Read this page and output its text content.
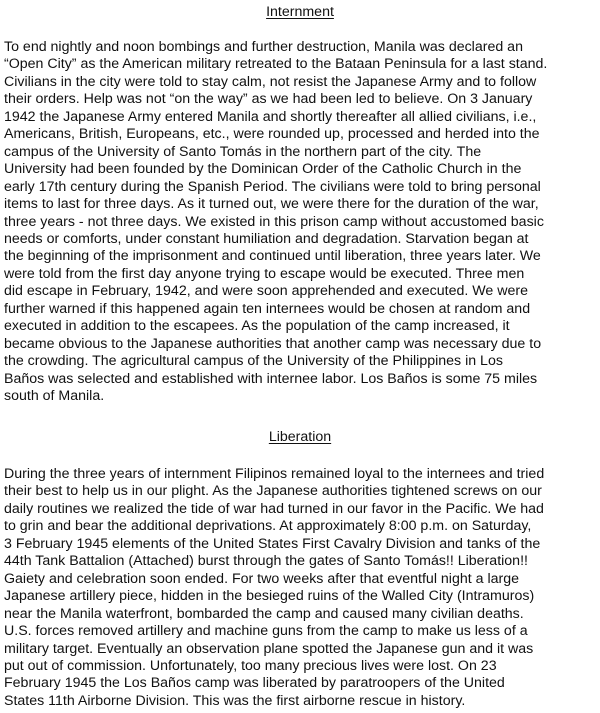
Internment

To end nightly and noon bombings and further destruction, Manila was declared an
“Open City” as the American military retreated to the Bataan Peninsula for a last stand.
Civilians in the city were told to stay calm, not resist the Japanese Army and to follow
their orders. Help was not “on the way” as we had been led to believe. On 3 January
1942 the Japanese Army entered Manila and shortly thereafter all allied civilians, i.e.,
Americans, British, Europeans, etc., were rounded up, processed and herded into the
campus of the University of Santo Tomás in the northern part of the city. The
University had been founded by the Dominican Order of the Catholic Church in the
early 17th century during the Spanish Period. The civilians were told to bring personal
items to last for three days. As it turned out, we were there for the duration of the war,
three years - not three days. We existed in this prison camp without accustomed basic
needs or comforts, under constant humiliation and degradation. Starvation began at
the beginning of the imprisonment and continued until liberation, three years later. We
were told from the first day anyone trying to escape would be executed. Three men
did escape in February, 1942, and were soon apprehended and executed. We were
further warned if this happened again ten internees would be chosen at random and
executed in addition to the escapees. As the population of the camp increased, it
became obvious to the Japanese authorities that another camp was necessary due to
the crowding. The agricultural campus of the University of the Philippines in Los
Baños was selected and established with internee labor. Los Baños is some 75 miles
south of Manila.

Liberation

During the three years of internment Filipinos remained loyal to the internees and tried
their best to help us in our plight. As the Japanese authorities tightened screws on our
daily routines we realized the tide of war had turned in our favor in the Pacific. We had
to grin and bear the additional deprivations. At approximately 8:00 p.m. on Saturday,
3 February 1945 elements of the United States First Cavalry Division and tanks of the
44th Tank Battalion (Attached) burst through the gates of Santo Tomás!! Liberation!!
Gaiety and celebration soon ended. For two weeks after that eventful night a large
Japanese artillery piece, hidden in the besieged ruins of the Walled City (Intramuros)
near the Manila waterfront, bombarded the camp and caused many civilian deaths.
U.S. forces removed artillery and machine guns from the camp to make us less of a
military target. Eventually an observation plane spotted the Japanese gun and it was
put out of commission. Unfortunately, too many precious lives were lost. On 23
February 1945 the Los Baños camp was liberated by paratroopers of the United
States 11th Airborne Division. This was the first airborne rescue in history.
